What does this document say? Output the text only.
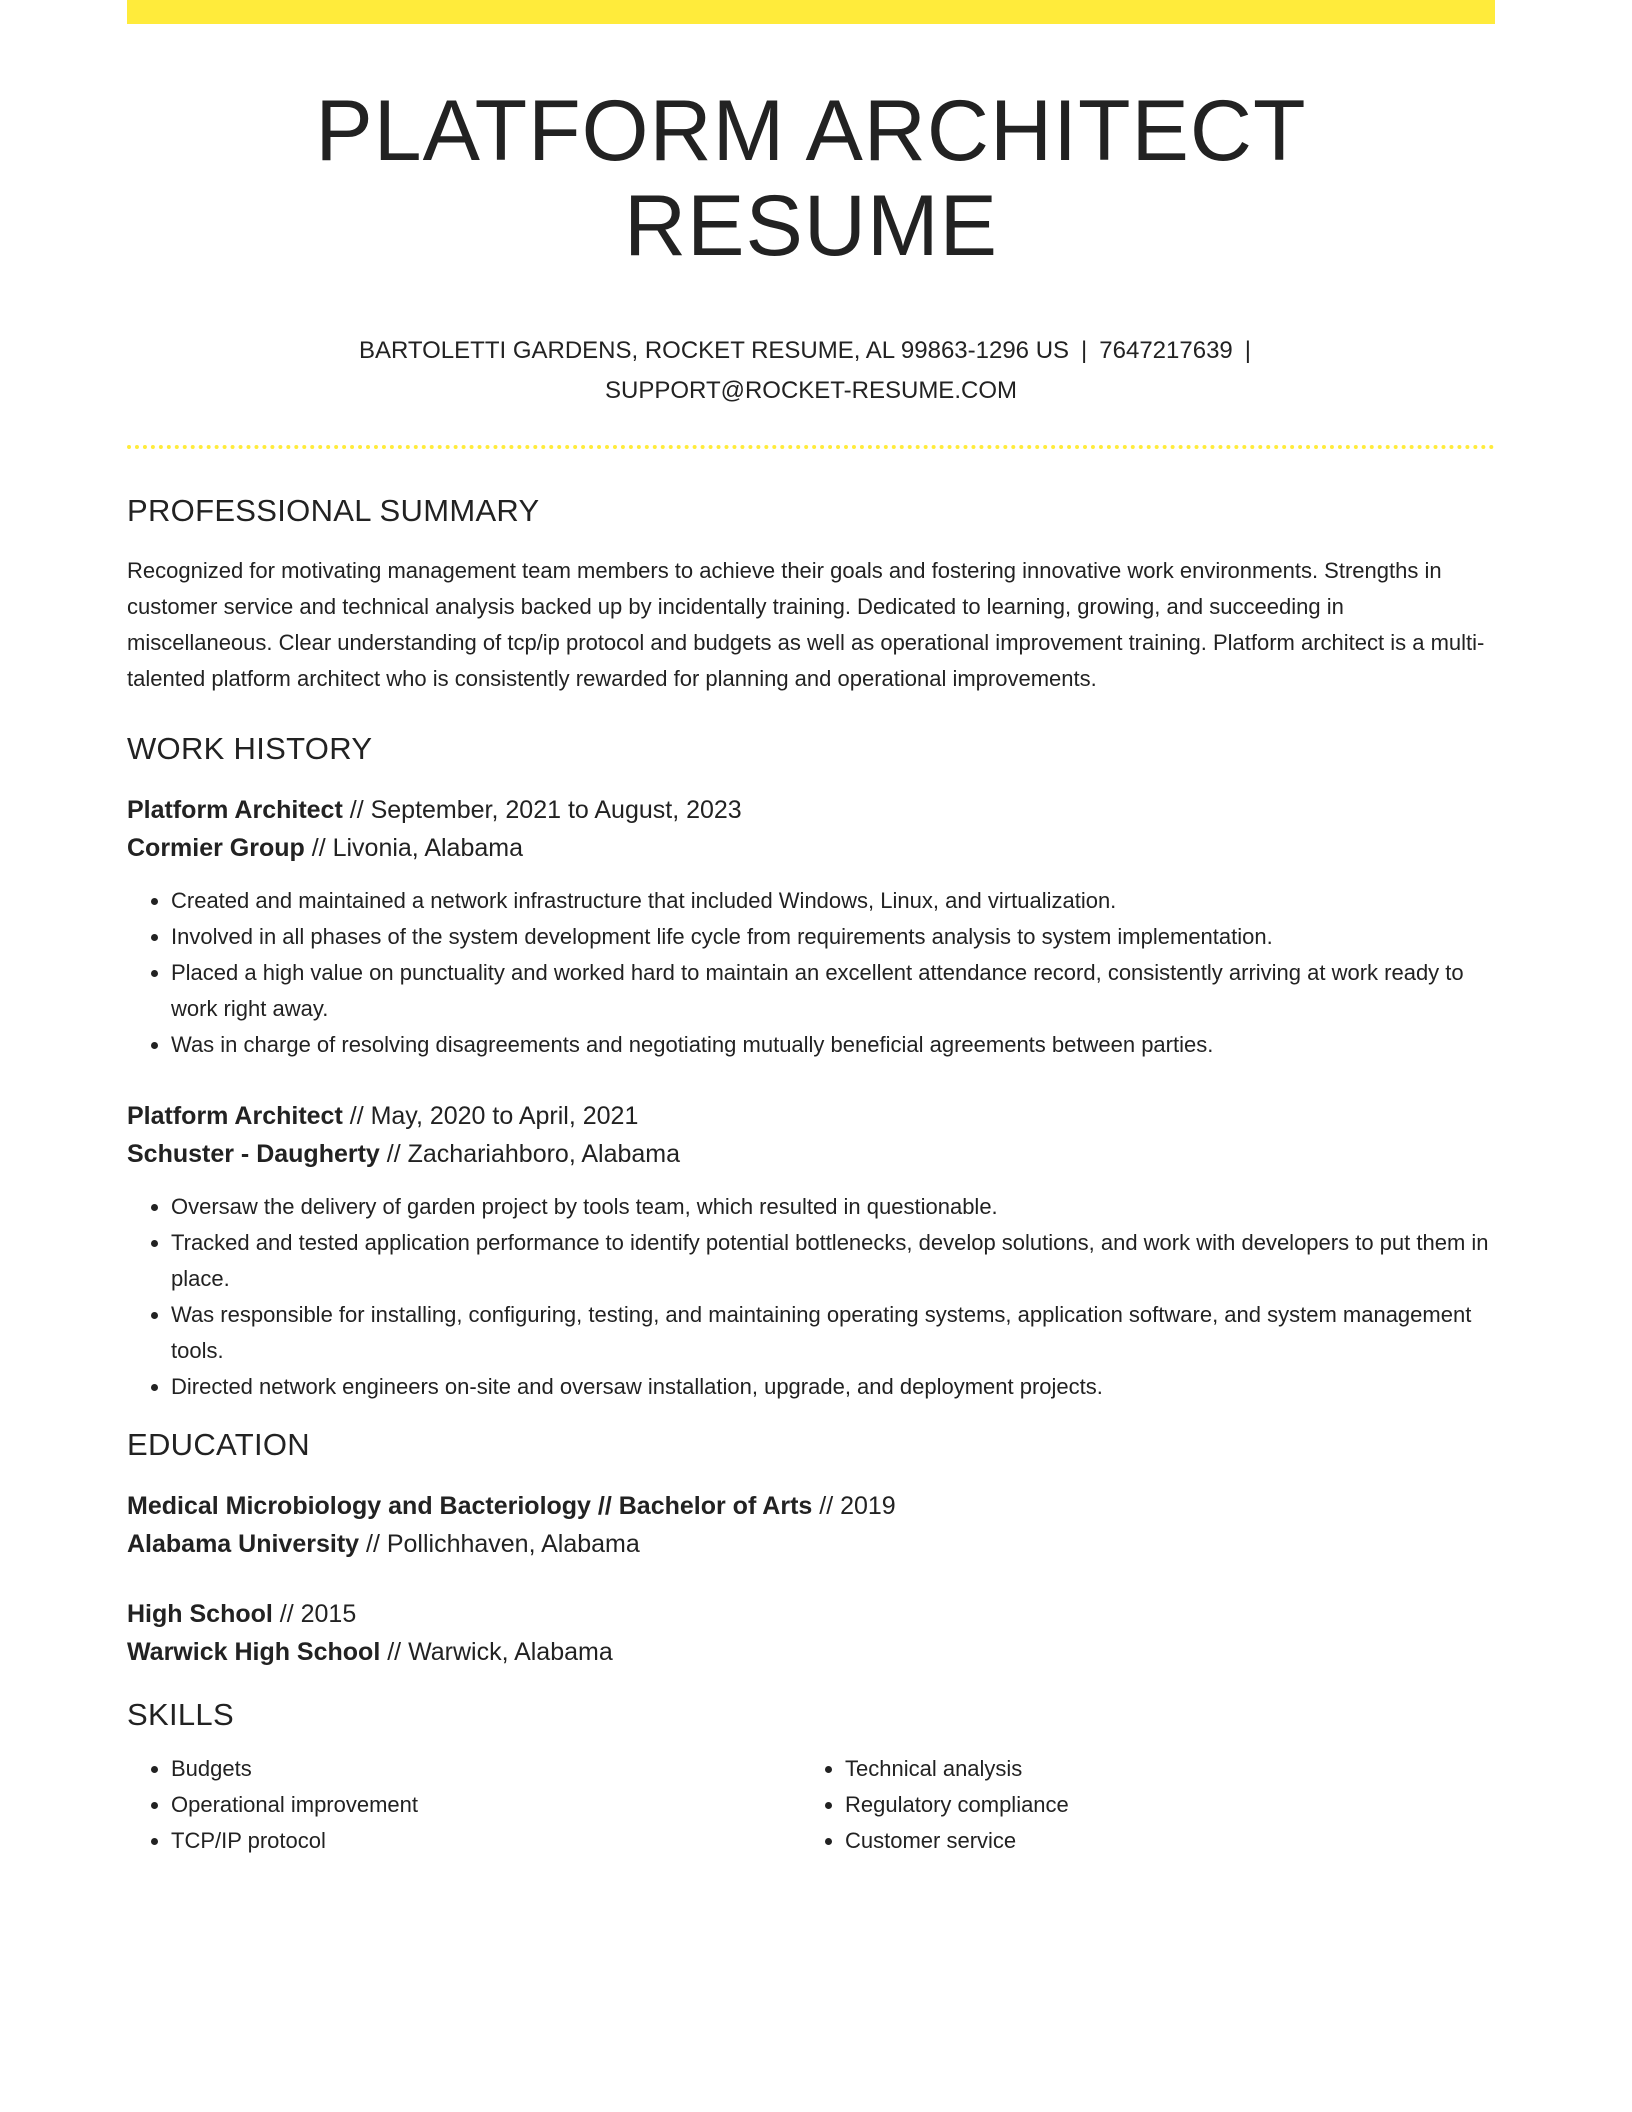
PLATFORM ARCHITECT RESUME
BARTOLETTI GARDENS, ROCKET RESUME, AL 99863-1296 US | 7647217639 |
SUPPORT@ROCKET-RESUME.COM
PROFESSIONAL SUMMARY

Recognized for motivating management team members to achieve their goals and fostering innovative work environments. Strengths in customer service and technical analysis backed up by incidentally training. Dedicated to learning, growing, and succeeding in miscellaneous. Clear understanding of tcp/ip protocol and budgets as well as operational improvement training. Platform architect is a multi-talented platform architect who is consistently rewarded for planning and operational improvements.

WORK HISTORY
Platform Architect // September, 2021 to August, 2023
Cormier Group // Livonia, Alabama
• Created and maintained a network infrastructure that included Windows, Linux, and virtualization.
• Involved in all phases of the system development life cycle from requirements analysis to system implementation.
• Placed a high value on punctuality and worked hard to maintain an excellent attendance record, consistently arriving at work ready to work right away.
• Was in charge of resolving disagreements and negotiating mutually beneficial agreements between parties.
Platform Architect // May, 2020 to April, 2021
Schuster - Daugherty // Zachariahboro, Alabama
• Oversaw the delivery of garden project by tools team, which resulted in questionable.
• Tracked and tested application performance to identify potential bottlenecks, develop solutions, and work with developers to put them in place.
• Was responsible for installing, configuring, testing, and maintaining operating systems, application software, and system management tools.
• Directed network engineers on-site and oversaw installation, upgrade, and deployment projects.
EDUCATION
Medical Microbiology and Bacteriology // Bachelor of Arts // 2019
Alabama University // Pollichhaven, Alabama
High School // 2015
Warwick High School // Warwick, Alabama
SKILLS
• Budgets
• Operational improvement
• TCP/IP protocol
• Technical analysis
• Regulatory compliance
• Customer service
